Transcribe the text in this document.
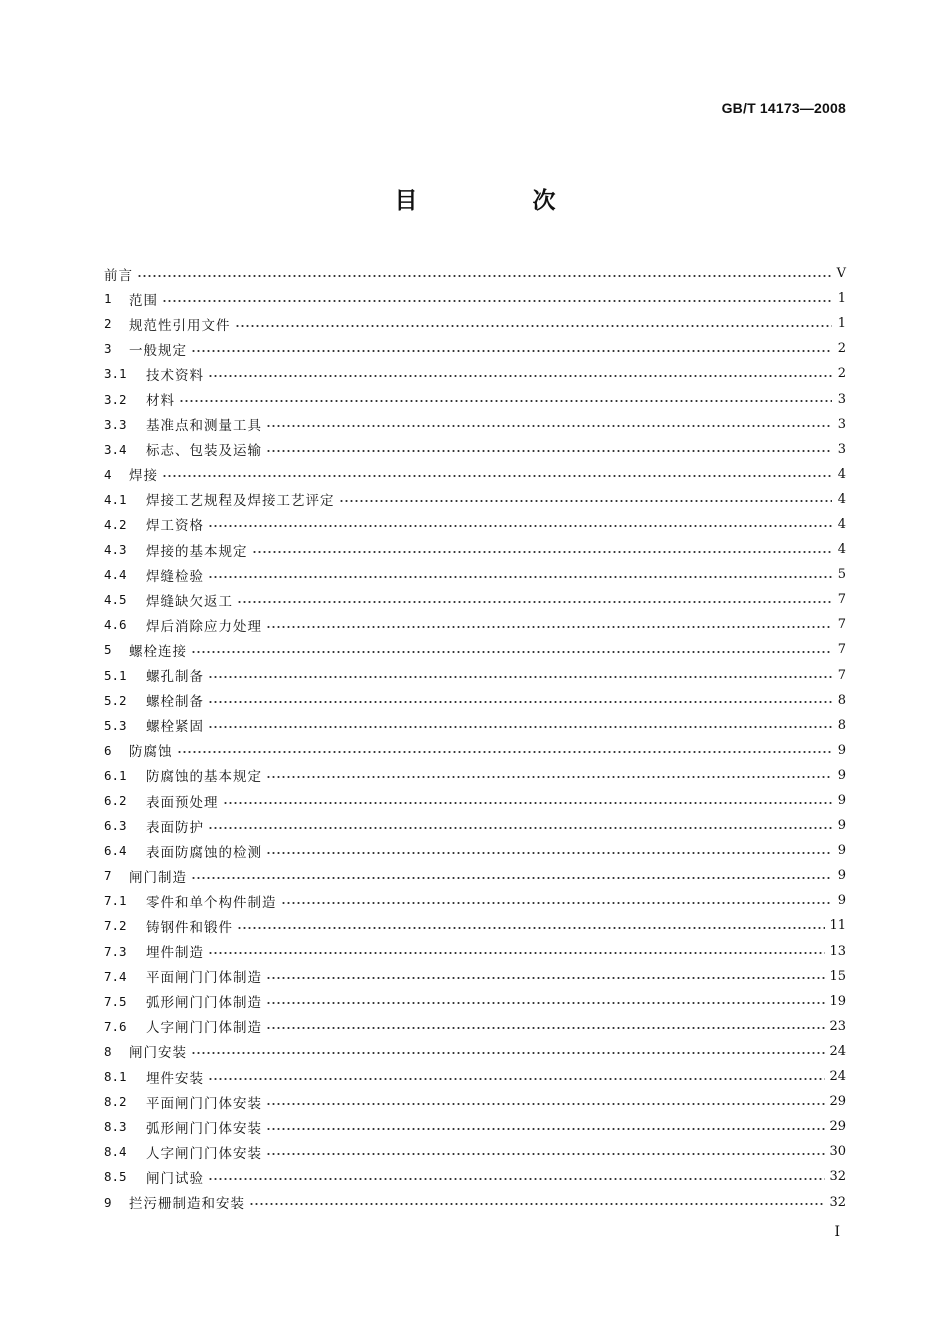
GB/T 14173—2008
目　次
前言	V
1	范围	1
2	规范性引用文件	1
3	一般规定	2
3.1	技术资料	2
3.2	材料	3
3.3	基准点和测量工具	3
3.4	标志、包装及运输	3
4	焊接	4
4.1	焊接工艺规程及焊接工艺评定	4
4.2	焊工资格	4
4.3	焊接的基本规定	4
4.4	焊缝检验	5
4.5	焊缝缺欠返工	7
4.6	焊后消除应力处理	7
5	螺栓连接	7
5.1	螺孔制备	7
5.2	螺栓制备	8
5.3	螺栓紧固	8
6	防腐蚀	9
6.1	防腐蚀的基本规定	9
6.2	表面预处理	9
6.3	表面防护	9
6.4	表面防腐蚀的检测	9
7	闸门制造	9
7.1	零件和单个构件制造	9
7.2	铸钢件和锻件	11
7.3	埋件制造	13
7.4	平面闸门门体制造	15
7.5	弧形闸门门体制造	19
7.6	人字闸门门体制造	23
8	闸门安装	24
8.1	埋件安装	24
8.2	平面闸门门体安装	29
8.3	弧形闸门门体安装	29
8.4	人字闸门门体安装	30
8.5	闸门试验	32
9	拦污栅制造和安装	32
I
